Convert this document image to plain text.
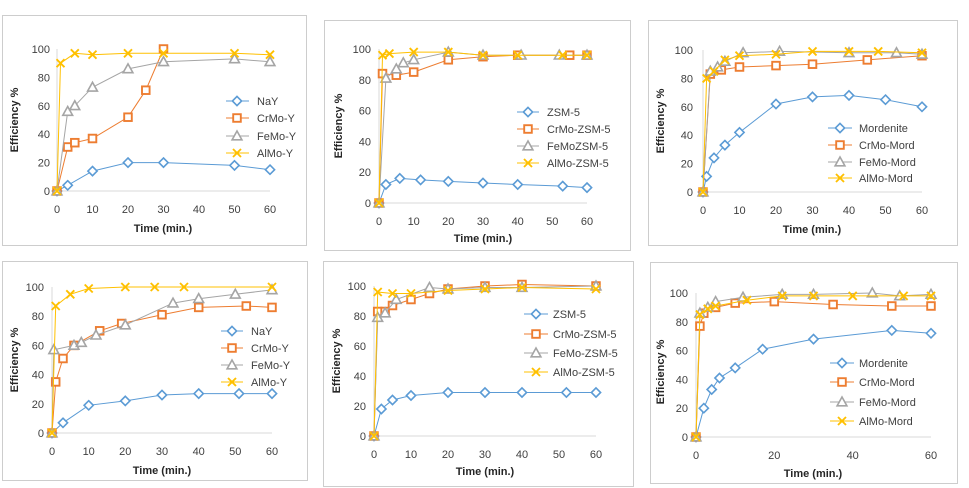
0
20
40
60
80
100
0 10 20 30 40 50 60
Time (min.)
Efficiency %	NaY
CrMo-Y
FeMo-Y
AlMo-Y
0
20
40
60
80
100
0 10 20 30 40 50 60
Time (min.)
Efficiency %	ZSM-5
CrMo-ZSM-5
FeMoZSM-5
AlMo-ZSM-5
0
20
40
60
80
100
0 10 20 30 40 50 60
Time (min.)
Efficiency %	Mordenite
CrMo-Mord
FeMo-Mord
AlMo-Mord
0
20
40
60
80
100
0	10 20 30 40 50 60
Time (min.)
Efficiency %	NaY
CrMo-Y
FeMo-Y
AlMo-Y
0
20
40
60
80
100
0	10 20 30 40 50 60
Time (min.)
Efficiency %
ZSM-5
CrMo-ZSM-5
FeMo-ZSM-5
AlMo-ZSM-5
0
20
40
60
80
100
0	20	40	60
Time (min.)
Efficiency %	Mordenite
CrMo-Mord
FeMo-Mord
AlMo-Mord
